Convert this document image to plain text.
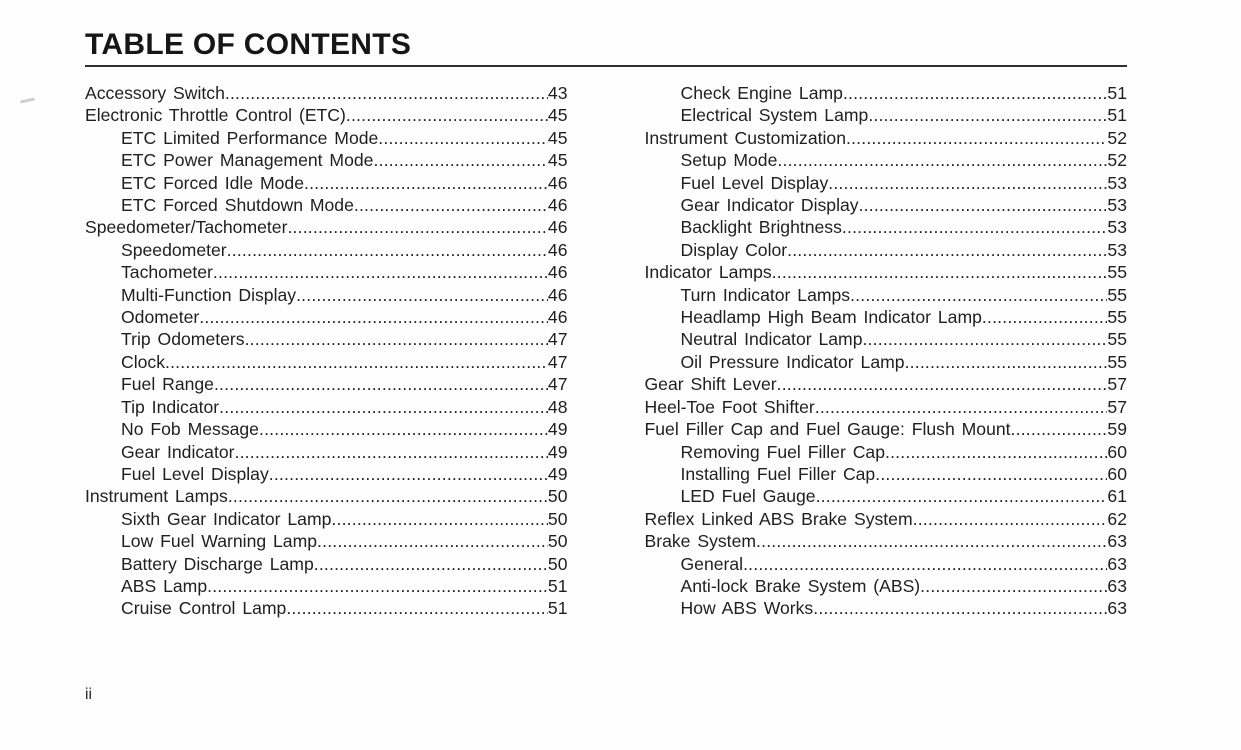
TABLE OF CONTENTS
Accessory Switch .....	43
Electronic Throttle Control (ETC) .....	45
ETC Limited Performance Mode .....	45
ETC Power Management Mode .....	45
ETC Forced Idle Mode .....	46
ETC Forced Shutdown Mode .....	46
Speedometer/Tachometer .....	46
Speedometer .....	46
Tachometer .....	46
Multi-Function Display .....	46
Odometer .....	46
Trip Odometers .....	47
Clock .....	47
Fuel Range .....	47
Tip Indicator .....	48
No Fob Message .....	49
Gear Indicator .....	49
Fuel Level Display .....	49
Instrument Lamps .....	50
Sixth Gear Indicator Lamp .....	50
Low Fuel Warning Lamp .....	50
Battery Discharge Lamp .....	50
ABS Lamp .....	51
Cruise Control Lamp .....	51
Check Engine Lamp .....	51
Electrical System Lamp .....	51
Instrument Customization .....	52
Setup Mode .....	52
Fuel Level Display .....	53
Gear Indicator Display .....	53
Backlight Brightness .....	53
Display Color .....	53
Indicator Lamps .....	55
Turn Indicator Lamps .....	55
Headlamp High Beam Indicator Lamp .....	55
Neutral Indicator Lamp .....	55
Oil Pressure Indicator Lamp .....	55
Gear Shift Lever .....	57
Heel-Toe Foot Shifter .....	57
Fuel Filler Cap and Fuel Gauge: Flush Mount .....	59
Removing Fuel Filler Cap .....	60
Installing Fuel Filler Cap .....	60
LED Fuel Gauge .....	61
Reflex Linked ABS Brake System .....	62
Brake System .....	63
General .....	63
Anti-lock Brake System (ABS) .....	63
How ABS Works .....	63
ii
